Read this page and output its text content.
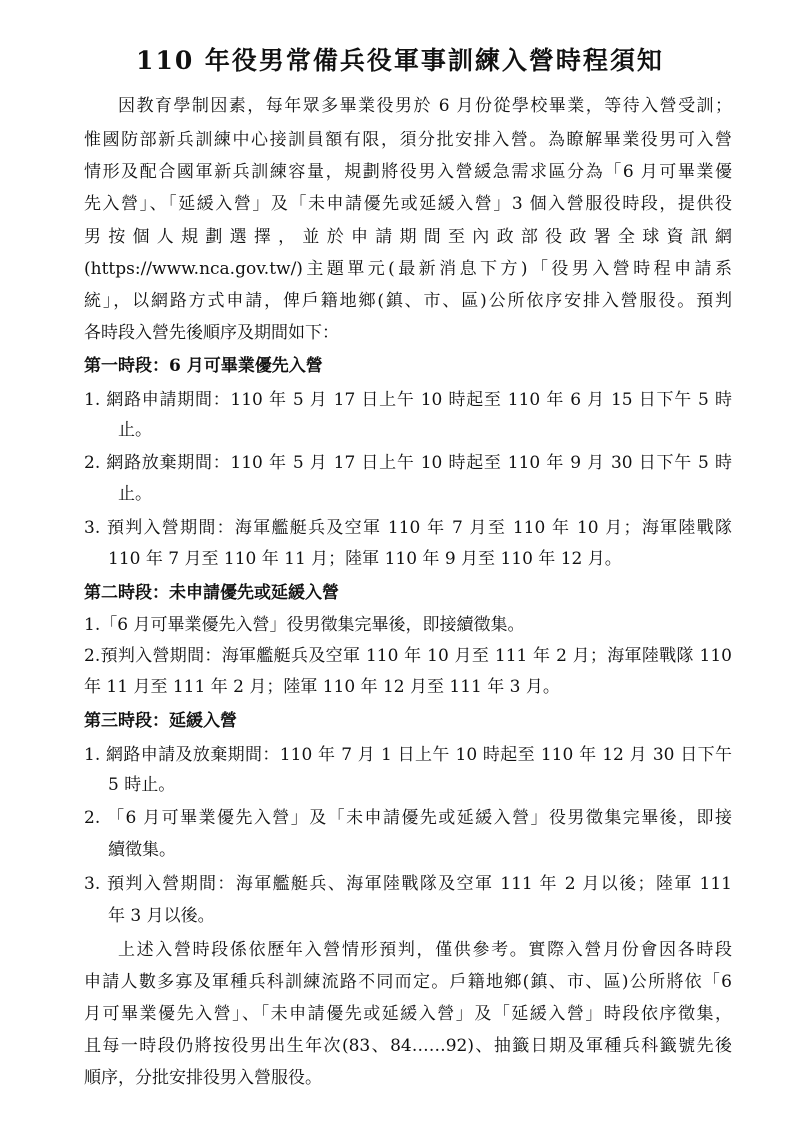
110 年役男常備兵役軍事訓練入營時程須知
因教育學制因素，每年眾多畢業役男於 6 月份從學校畢業，等待入營受訓；
惟國防部新兵訓練中心接訓員額有限，須分批安排入營。為瞭解畢業役男可入營
情形及配合國軍新兵訓練容量，規劃將役男入營緩急需求區分為「6 月可畢業優
先入營」、「延緩入營」及「未申請優先或延緩入營」3 個入營服役時段，提供役
男按個人規劃選擇，並於申請期間至內政部役政署全球資訊網
(https://www.nca.gov.tw/)主題單元(最新消息下方)「役男入營時程申請系
統」，以網路方式申請，俾戶籍地鄉(鎮、市、區)公所依序安排入營服役。預判
各時段入營先後順序及期間如下：
第一時段：6 月可畢業優先入營
1. 網路申請期間：110 年 5 月 17 日上午 10 時起至 110 年 6 月 15 日下午 5 時
止。
2. 網路放棄期間：110 年 5 月 17 日上午 10 時起至 110 年 9 月 30 日下午 5 時
止。
3. 預判入營期間：海軍艦艇兵及空軍 110 年 7 月至 110 年 10 月；海軍陸戰隊
110 年 7 月至 110 年 11 月；陸軍 110 年 9 月至 110 年 12 月。
第二時段：未申請優先或延緩入營
1.「6 月可畢業優先入營」役男徵集完畢後，即接續徵集。
2.預判入營期間：海軍艦艇兵及空軍 110 年 10 月至 111 年 2 月；海軍陸戰隊 110
年 11 月至 111 年 2 月；陸軍 110 年 12 月至 111 年 3 月。
第三時段：延緩入營
1. 網路申請及放棄期間：110 年 7 月 1 日上午 10 時起至 110 年 12 月 30 日下午
5 時止。
2. 「6 月可畢業優先入營」及「未申請優先或延緩入營」役男徵集完畢後，即接
續徵集。
3. 預判入營期間：海軍艦艇兵、海軍陸戰隊及空軍 111 年 2 月以後；陸軍 111
年 3 月以後。
上述入營時段係依歷年入營情形預判，僅供參考。實際入營月份會因各時段
申請人數多寡及軍種兵科訓練流路不同而定。戶籍地鄉(鎮、市、區)公所將依「6
月可畢業優先入營」、「未申請優先或延緩入營」及「延緩入營」時段依序徵集，
且每一時段仍將按役男出生年次(83、84……92)、抽籤日期及軍種兵科籤號先後
順序，分批安排役男入營服役。
